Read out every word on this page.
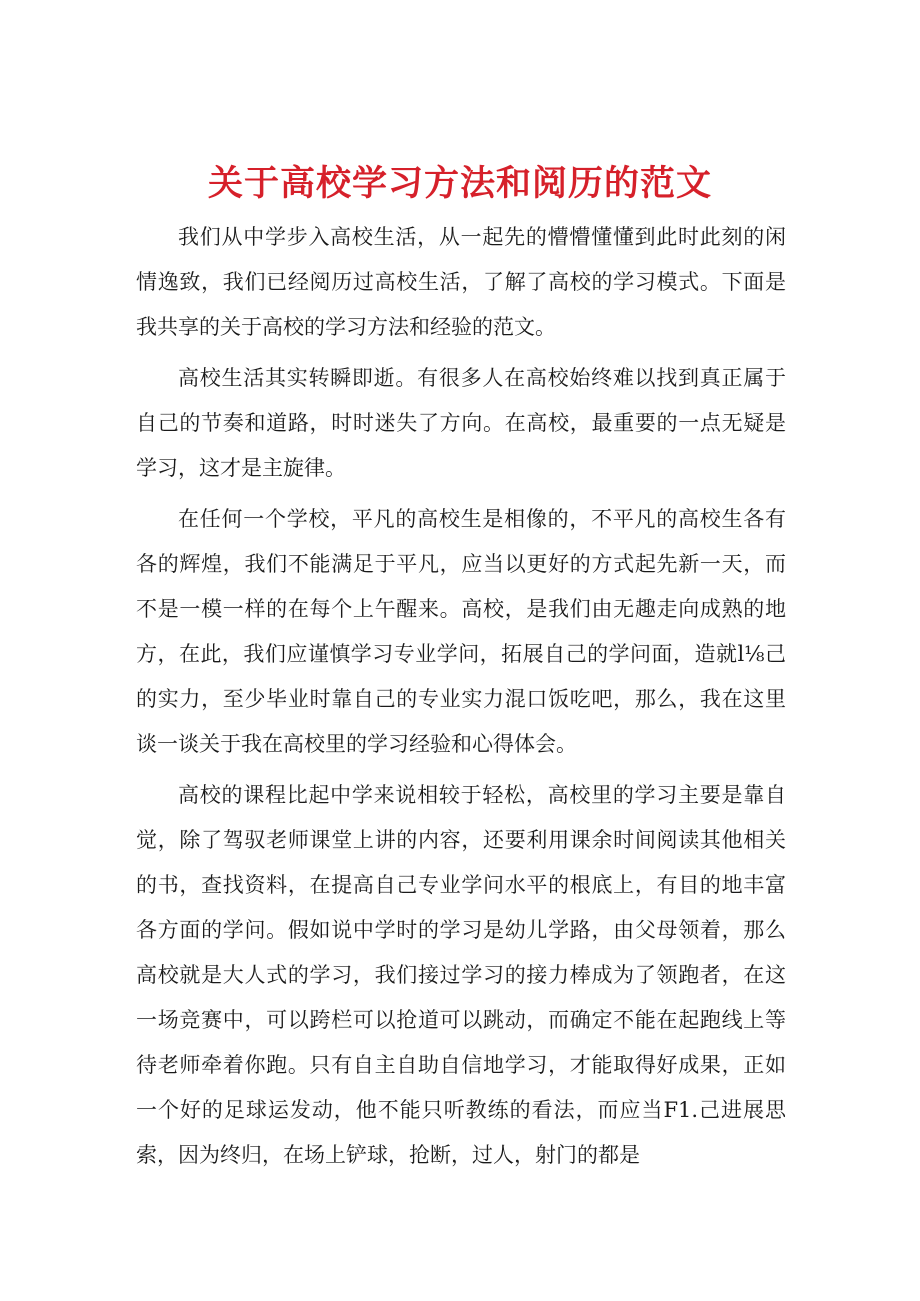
关于高校学习方法和阅历的范文

我们从中学步入高校生活，从一起先的懵懵懂懂到此时此刻的闲情逸致，我们已经阅历过高校生活，了解了高校的学习模式。下面是我共享的关于高校的学习方法和经验的范文。

高校生活其实转瞬即逝。有很多人在高校始终难以找到真正属于自己的节奏和道路，时时迷失了方向。在高校，最重要的一点无疑是学习，这才是主旋律。

在任何一个学校，平凡的高校生是相像的，不平凡的高校生各有各的辉煌，我们不能满足于平凡，应当以更好的方式起先新一天，而不是一模一样的在每个上午醒来。高校，是我们由无趣走向成熟的地方，在此，我们应谨慎学习专业学问，拓展自己的学问面，造就l⅛己的实力，至少毕业时靠自己的专业实力混口饭吃吧，那么，我在这里谈一谈关于我在高校里的学习经验和心得体会。

高校的课程比起中学来说相较于轻松，高校里的学习主要是靠自觉，除了驾驭老师课堂上讲的内容，还要利用课余时间阅读其他相关的书，查找资料，在提高自己专业学问水平的根底上，有目的地丰富各方面的学问。假如说中学时的学习是幼儿学路，由父母领着，那么高校就是大人式的学习，我们接过学习的接力棒成为了领跑者，在这一场竞赛中，可以跨栏可以抢道可以跳动，而确定不能在起跑线上等待老师牵着你跑。只有自主自助自信地学习，才能取得好成果，正如一个好的足球运发动，他不能只听教练的看法，而应当F1.己进展思索，因为终归，在场上铲球，抢断，过人，射门的都是
